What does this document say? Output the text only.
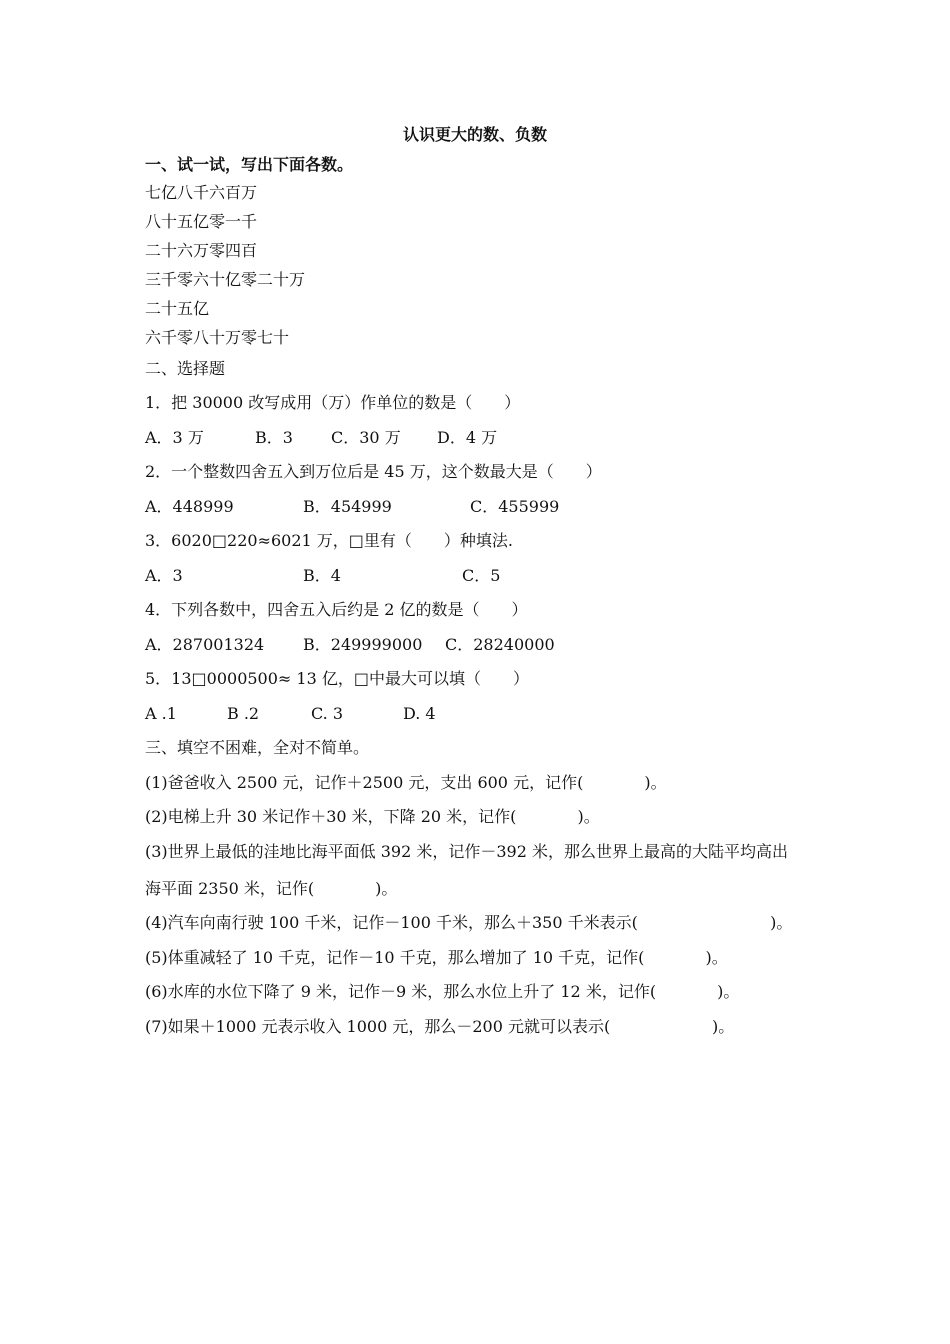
认识更大的数、负数
一、试一试，写出下面各数。
七亿八千六百万
八十五亿零一千
二十六万零四百
三千零六十亿零二十万
二十五亿
六千零八十万零七十
二、选择题
1．把 30000 改写成用（万）作单位的数是（　　）
A．3 万	B．3 C．30 万 D．4 万
2．一个整数四舍五入到万位后是 45 万，这个数最大是（　　）
A．448999	B．454999	C．455999
3．6020□220≈6021 万，□里有（　　）种填法.
A．3	B．4	C．5
4．下列各数中，四舍五入后约是 2 亿的数是（　　）
A．287001324 B．249999000 C．28240000
5．13□0000500≈ 13 亿，□中最大可以填（　　）
A .1	B .2	C. 3	D. 4
三、填空不困难，全对不简单。
(1)爸爸收入 2500 元，记作＋2500 元，支出 600 元，记作(            )。
(2)电梯上升 30 米记作＋30 米，下降 20 米，记作(            )。
(3)世界上最低的洼地比海平面低 392 米，记作－392 米，那么世界上最高的大陆平均高出
海平面 2350 米，记作(            )。
(4)汽车向南行驶 100 千米，记作－100 千米，那么＋350 千米表示(                          )。
(5)体重减轻了 10 千克，记作－10 千克，那么增加了 10 千克，记作(            )。
(6)水库的水位下降了 9 米，记作－9 米，那么水位上升了 12 米，记作(            )。
(7)如果＋1000 元表示收入 1000 元，那么－200 元就可以表示(                    )。
